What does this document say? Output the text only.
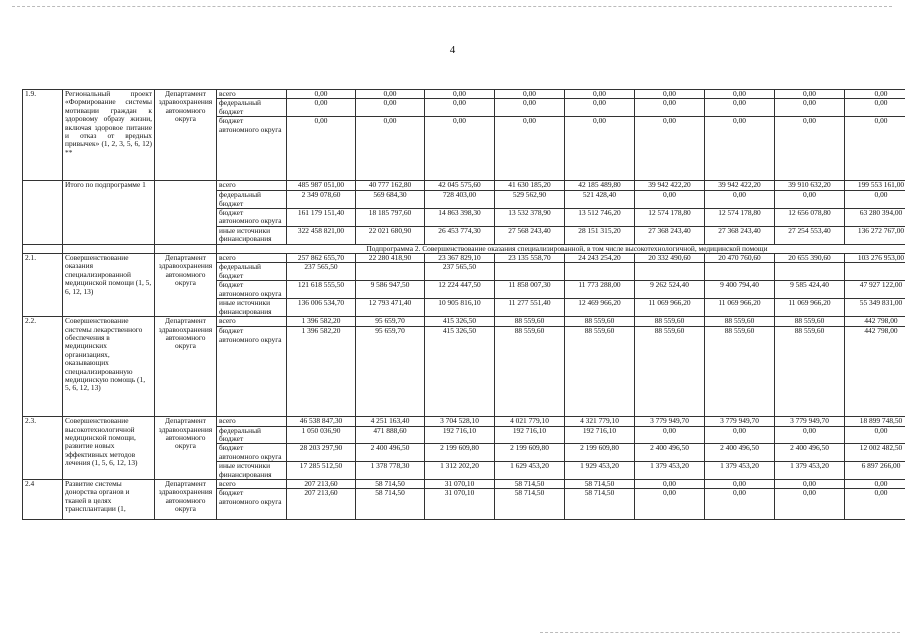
4
1.9.	Региональный проект «Формирование системы мотивации граждан к здоровому образу жизни, включая здоровое питание и отказ от вредных привычек» (1, 2, 3, 5, 6, 12) **	Департамент здравоохранения автономного округа	всего	0,00	0,00	0,00	0,00	0,00	0,00	0,00	0,00	0,00
			федеральный бюджет	0,00	0,00	0,00	0,00	0,00	0,00	0,00	0,00	0,00
			бюджет автономного округа	0,00	0,00	0,00	0,00	0,00	0,00	0,00	0,00	0,00
	Итого по подпрограмме 1		всего	485 987 051,00	40 777 162,80	42 045 575,60	41 630 185,20	42 185 489,80	39 942 422,20	39 942 422,20	39 910 632,20	199 553 161,00
			федеральный бюджет	2 349 078,60	569 684,30	728 403,00	529 562,90	521 428,40	0,00	0,00	0,00	0,00
			бюджет автономного округа	161 179 151,40	18 185 797,60	14 863 398,30	13 532 378,90	13 512 746,20	12 574 178,80	12 574 178,80	12 656 078,80	63 280 394,00
			иные источники финансирования	322 458 821,00	22 021 680,90	26 453 774,30	27 568 243,40	28 151 315,20	27 368 243,40	27 368 243,40	27 254 553,40	136 272 767,00
			Подпрограмма 2. Совершенствование оказания специализированной, в том числе высокотехнологичной, медицинской помощи									
2.1.	Совершенствование оказания специализированной медицинской помощи (1, 5, 6, 12, 13)	Департамент здравоохранения автономного округа	всего	257 862 655,70	22 280 418,90	23 367 829,10	23 135 558,70	24 243 254,20	20 332 490,60	20 470 760,60	20 655 390,60	103 276 953,00
			федеральный бюджет	237 565,50		237 565,50						
			бюджет автономного округа	121 618 555,50	9 586 947,50	12 224 447,50	11 858 007,30	11 773 288,00	9 262 524,40	9 400 794,40	9 585 424,40	47 927 122,00
			иные источники финансирования	136 006 534,70	12 793 471,40	10 905 816,10	11 277 551,40	12 469 966,20	11 069 966,20	11 069 966,20	11 069 966,20	55 349 831,00
2.2.	Совершенствование системы лекарственного обеспечения в медицинских организациях, оказывающих специализированную медицинскую помощь (1, 5, 6, 12, 13)	Департамент здравоохранения автономного округа	всего	1 396 582,20	95 659,70	415 326,50	88 559,60	88 559,60	88 559,60	88 559,60	88 559,60	442 798,00
			бюджет автономного округа	1 396 582,20	95 659,70	415 326,50	88 559,60	88 559,60	88 559,60	88 559,60	88 559,60	442 798,00
2.3.	Совершенствование высокотехнологичной медицинской помощи, развитие новых эффективных методов лечения (1, 5, 6, 12, 13)	Департамент здравоохранения автономного округа	всего	46 538 847,30	4 251 163,40	3 704 528,10	4 021 779,10	4 321 779,10	3 779 949,70	3 779 949,70	3 779 949,70	18 899 748,50
			федеральный бюджет	1 050 036,90	471 888,60	192 716,10	192 716,10	192 716,10	0,00	0,00	0,00	0,00
			бюджет автономного округа	28 203 297,90	2 400 496,50	2 199 609,80	2 199 609,80	2 199 609,80	2 400 496,50	2 400 496,50	2 400 496,50	12 002 482,50
			иные источники финансирования	17 285 512,50	1 378 778,30	1 312 202,20	1 629 453,20	1 929 453,20	1 379 453,20	1 379 453,20	1 379 453,20	6 897 266,00
2.4	Развитие системы донорства органов и тканей в целях трансплантации (1,	Департамент здравоохранения автономного округа	всего	207 213,60	58 714,50	31 070,10	58 714,50	58 714,50	0,00	0,00	0,00	0,00
			бюджет автономного округа	207 213,60	58 714,50	31 070,10	58 714,50	58 714,50	0,00	0,00	0,00	0,00
